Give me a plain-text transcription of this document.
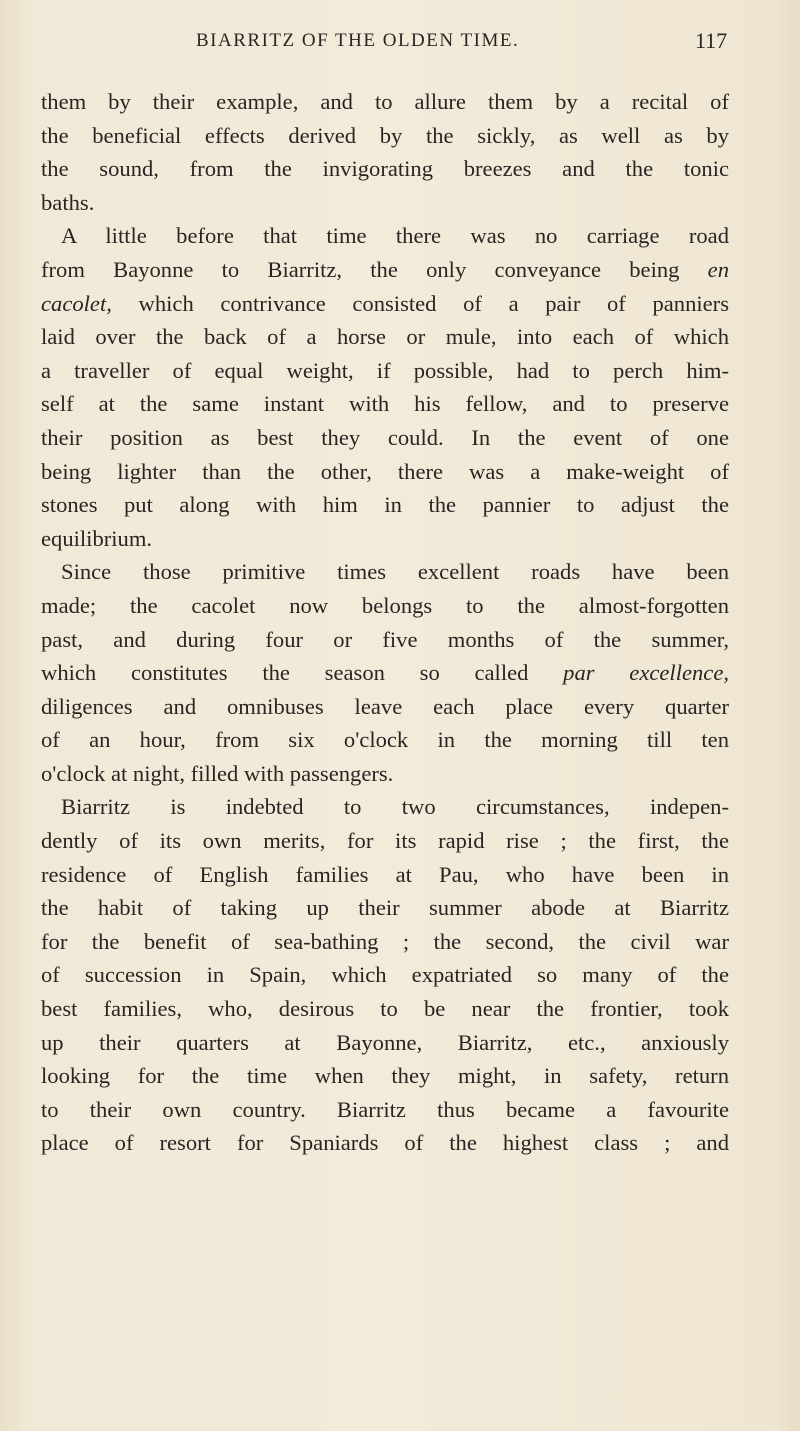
BIARRITZ OF THE OLDEN TIME.	117
them by their example, and to allure them by a recital of
the beneficial effects derived by the sickly, as well as by
the sound, from the invigorating breezes and the tonic
baths.
A little before that time there was no carriage road
from Bayonne to Biarritz, the only conveyance being en
cacolet, which contrivance consisted of a pair of panniers
laid over the back of a horse or mule, into each of which
a traveller of equal weight, if possible, had to perch him-
self at the same instant with his fellow, and to preserve
their position as best they could. In the event of one
being lighter than the other, there was a make-weight of
stones put along with him in the pannier to adjust the
equilibrium.
Since those primitive times excellent roads have been
made; the cacolet now belongs to the almost-forgotten
past, and during four or five months of the summer,
which constitutes the season so called par excellence,
diligences and omnibuses leave each place every quarter
of an hour, from six o'clock in the morning till ten
o'clock at night, filled with passengers.
Biarritz is indebted to two circumstances, indepen-
dently of its own merits, for its rapid rise ; the first, the
residence of English families at Pau, who have been in
the habit of taking up their summer abode at Biarritz
for the benefit of sea-bathing ; the second, the civil war
of succession in Spain, which expatriated so many of the
best families, who, desirous to be near the frontier, took
up their quarters at Bayonne, Biarritz, etc., anxiously
looking for the time when they might, in safety, return
to their own country. Biarritz thus became a favourite
place of resort for Spaniards of the highest class ; and
